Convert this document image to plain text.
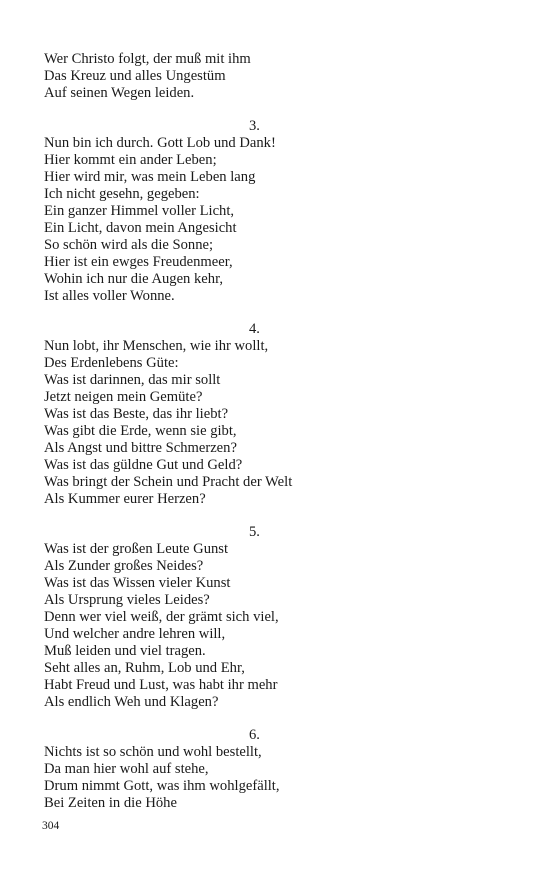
Wer Christo folgt, der muß mit ihm
Das Kreuz und alles Ungestüm
Auf seinen Wegen leiden.
3.
Nun bin ich durch. Gott Lob und Dank!
Hier kommt ein ander Leben;
Hier wird mir, was mein Leben lang
Ich nicht gesehn, gegeben:
Ein ganzer Himmel voller Licht,
Ein Licht, davon mein Angesicht
So schön wird als die Sonne;
Hier ist ein ewges Freudenmeer,
Wohin ich nur die Augen kehr,
Ist alles voller Wonne.
4.
Nun lobt, ihr Menschen, wie ihr wollt,
Des Erdenlebens Güte:
Was ist darinnen, das mir sollt
Jetzt neigen mein Gemüte?
Was ist das Beste, das ihr liebt?
Was gibt die Erde, wenn sie gibt,
Als Angst und bittre Schmerzen?
Was ist das güldne Gut und Geld?
Was bringt der Schein und Pracht der Welt
Als Kummer eurer Herzen?
5.
Was ist der großen Leute Gunst
Als Zunder großes Neides?
Was ist das Wissen vieler Kunst
Als Ursprung vieles Leides?
Denn wer viel weiß, der grämt sich viel,
Und welcher andre lehren will,
Muß leiden und viel tragen.
Seht alles an, Ruhm, Lob und Ehr,
Habt Freud und Lust, was habt ihr mehr
Als endlich Weh und Klagen?
6.
Nichts ist so schön und wohl bestellt,
Da man hier wohl auf stehe,
Drum nimmt Gott, was ihm wohlgefällt,
Bei Zeiten in die Höhe
304
